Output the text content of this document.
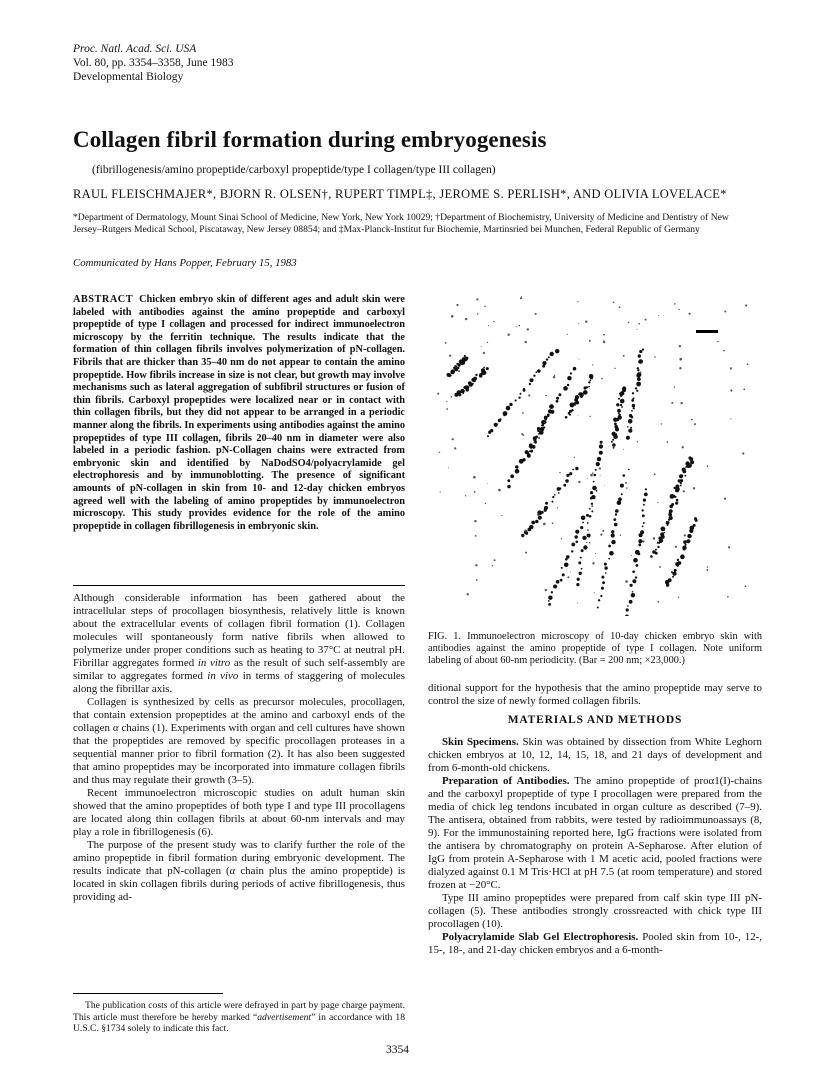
Proc. Natl. Acad. Sci. USA
Vol. 80, pp. 3354–3358, June 1983
Developmental Biology
Collagen fibril formation during embryogenesis
(fibrillogenesis/amino propeptide/carboxyl propeptide/type I collagen/type III collagen)
RAUL FLEISCHMAJER*, BJORN R. OLSEN†, RUPERT TIMPL‡, JEROME S. PERLISH*, AND OLIVIA LOVELACE*
*Department of Dermatology, Mount Sinai School of Medicine, New York, New York 10029; †Department of Biochemistry, University of Medicine and Dentistry of New Jersey–Rutgers Medical School, Piscataway, New Jersey 08854; and ‡Max-Planck-Institut fur Biochemie, Martinsried bei Munchen, Federal Republic of Germany
Communicated by Hans Popper, February 15, 1983
ABSTRACT Chicken embryo skin of different ages and adult skin were labeled with antibodies against the amino propeptide and carboxyl propeptide of type I collagen and processed for indirect immunoelectron microscopy by the ferritin technique. The results indicate that the formation of thin collagen fibrils involves polymerization of pN-collagen. Fibrils that are thicker than 35–40 nm do not appear to contain the amino propeptide. How fibrils increase in size is not clear, but growth may involve mechanisms such as lateral aggregation of subfibril structures or fusion of thin fibrils. Carboxyl propeptides were localized near or in contact with thin collagen fibrils, but they did not appear to be arranged in a periodic manner along the fibrils. In experiments using antibodies against the amino propeptides of type III collagen, fibrils 20–40 nm in diameter were also labeled in a periodic fashion. pN-Collagen chains were extracted from embryonic skin and identified by NaDodSO4/polyacrylamide gel electrophoresis and by immunoblotting. The presence of significant amounts of pN-collagen in skin from 10- and 12-day chicken embryos agreed well with the labeling of amino propeptides by immunoelectron microscopy. This study provides evidence for the role of the amino propeptide in collagen fibrillogenesis in embryonic skin.

Although considerable information has been gathered about the intracellular steps of procollagen biosynthesis, relatively little is known about the extracellular events of collagen fibril formation (1). Collagen molecules will spontaneously form native fibrils when allowed to polymerize under proper conditions such as heating to 37°C at neutral pH. Fibrillar aggregates formed in vitro as the result of such self-assembly are similar to aggregates formed in vivo in terms of staggering of molecules along the fibrillar axis.

Collagen is synthesized by cells as precursor molecules, procollagen, that contain extension propeptides at the amino and carboxyl ends of the collagen α chains (1). Experiments with organ and cell cultures have shown that the propeptides are removed by specific procollagen proteases in a sequential manner prior to fibril formation (2). It has also been suggested that amino propeptides may be incorporated into immature collagen fibrils and thus may regulate their growth (3–5).

Recent immunoelectron microscopic studies on adult human skin showed that the amino propeptides of both type I and type III procollagens are located along thin collagen fibrils at about 60-nm intervals and may play a role in fibrillogenesis (6).

The purpose of the present study was to clarify further the role of the amino propeptide in fibril formation during embryonic development. The results indicate that pN-collagen (α chain plus the amino propeptide) is located in skin collagen fibrils during periods of active fibrillogenesis, thus providing ad-

The publication costs of this article were defrayed in part by page charge payment. This article must therefore be hereby marked “advertisement” in accordance with 18 U.S.C. §1734 solely to indicate this fact.

FIG. 1. Immunoelectron microscopy of 10-day chicken embryo skin with antibodies against the amino propeptide of type I collagen. Note uniform labeling of about 60-nm periodicity. (Bar = 200 nm; ×23,000.)

ditional support for the hypothesis that the amino propeptide may serve to control the size of newly formed collagen fibrils.

MATERIALS AND METHODS

Skin Specimens. Skin was obtained by dissection from White Leghorn chicken embryos at 10, 12, 14, 15, 18, and 21 days of development and from 6-month-old chickens.

Preparation of Antibodies. The amino propeptide of proα1(I)-chains and the carboxyl propeptide of type I procollagen were prepared from the media of chick leg tendons incubated in organ culture as described (7–9). The antisera, obtained from rabbits, were tested by radioimmunoassays (8, 9). For the immunostaining reported here, IgG fractions were isolated from the antisera by chromatography on protein A-Sepharose. After elution of IgG from protein A-Sepharose with 1 M acetic acid, pooled fractions were dialyzed against 0.1 M Tris·HCl at pH 7.5 (at room temperature) and stored frozen at −20°C.

Type III amino propeptides were prepared from calf skin type III pN-collagen (5). These antibodies strongly crossreacted with chick type III procollagen (10).

Polyacrylamide Slab Gel Electrophoresis. Pooled skin from 10-, 12-, 15-, 18-, and 21-day chicken embryos and a 6-month-

3354
